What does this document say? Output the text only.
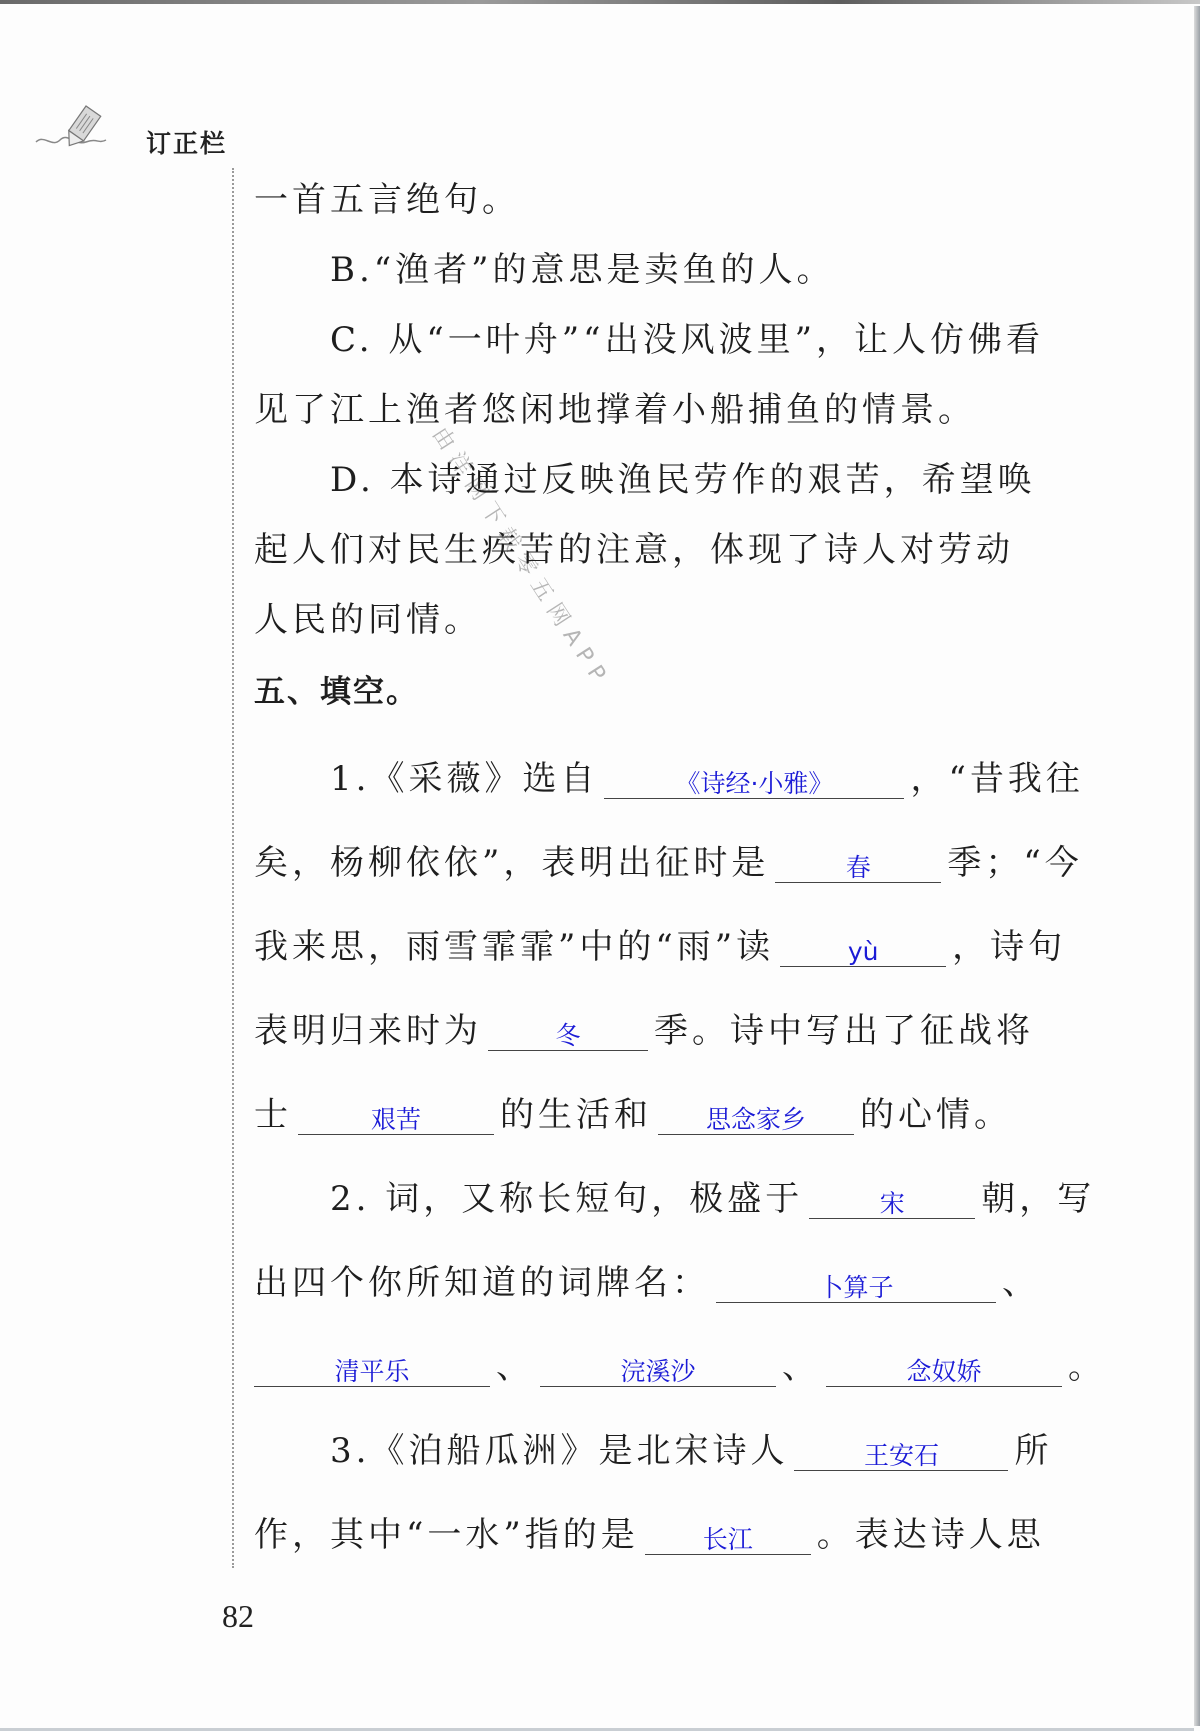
订正栏
由洋网下载零五网APP
一首五言绝句。
B.“渔者”的意思是卖鱼的人。
C. 从“一叶舟”“出没风波里”，让人仿佛看
见了江上渔者悠闲地撑着小船捕鱼的情景。
D. 本诗通过反映渔民劳作的艰苦，希望唤
起人们对民生疾苦的注意，体现了诗人对劳动
人民的同情。
五、填空。
1.《采薇》选自	《诗经·小雅》	，“昔我往
矣，杨柳依依”，表明出征时是	春	季；“今
我来思，雨雪霏霏”中的“雨”读	yù	，诗句
表明归来时为	冬	季。诗中写出了征战将
士	艰苦	的生活和	思念家乡	的心情。
2. 词，又称长短句，极盛于	宋	朝，写
出四个你所知道的词牌名：	卜算子	、
清平乐	、	浣溪沙	、	念奴娇	。
3.《泊船瓜洲》是北宋诗人	王安石	所
作，其中“一水”指的是	长江	。表达诗人思
82
